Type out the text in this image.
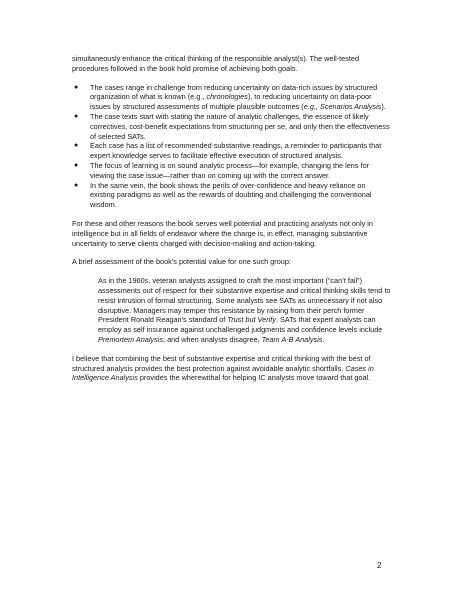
simultaneously enhance the critical thinking of the responsible analyst(s). The well-tested procedures followed in the book hold promise of achieving both goals.

● The cases range in challenge from reducing uncertainty on data-rich issues by structured organization of what is known (e.g., chronologies), to reducing uncertainty on data-poor issues by structured assessments of multiple plausible outcomes (e.g., Scenarios Analysis).
● The case texts start with stating the nature of analytic challenges, the essence of likely correctives, cost-benefit expectations from structuring per se, and only then the effectiveness of selected SATs.
● Each case has a list of recommended substantive readings, a reminder to participants that expert knowledge serves to facilitate effective execution of structured analysis.
● The focus of learning is on sound analytic process—for example, changing the lens for viewing the case issue—rather than on coming up with the correct answer.
● In the same vein, the book shows the perils of over-confidence and heavy reliance on existing paradigms as well as the rewards of doubting and challenging the conventional wisdom.

For these and other reasons the book serves well potential and practicing analysts not only in intelligence but in all fields of endeavor where the charge is, in effect, managing substantive uncertainty to serve clients charged with decision-making and action-taking.

A brief assessment of the book’s potential value for one such group:

As in the 1960s, veteran analysts assigned to craft the most important (“can’t fail”) assessments out of respect for their substantive expertise and critical thinking skills tend to resist intrusion of formal structuring. Some analysts see SATs as unnecessary if not also disruptive. Managers may temper this resistance by raising from their perch former President Ronald Reagan’s standard of Trust but Verify. SATs that expert analysts can employ as self insurance against unchallenged judgments and confidence levels include Premortem Analysis; and when analysts disagree, Team A-B Analysis.

I believe that combining the best of substantive expertise and critical thinking with the best of structured analysis provides the best protection against avoidable analytic shortfalls. Cases in Intelligence Analysis provides the wherewithal for helping IC analysts move toward that goal.

2
